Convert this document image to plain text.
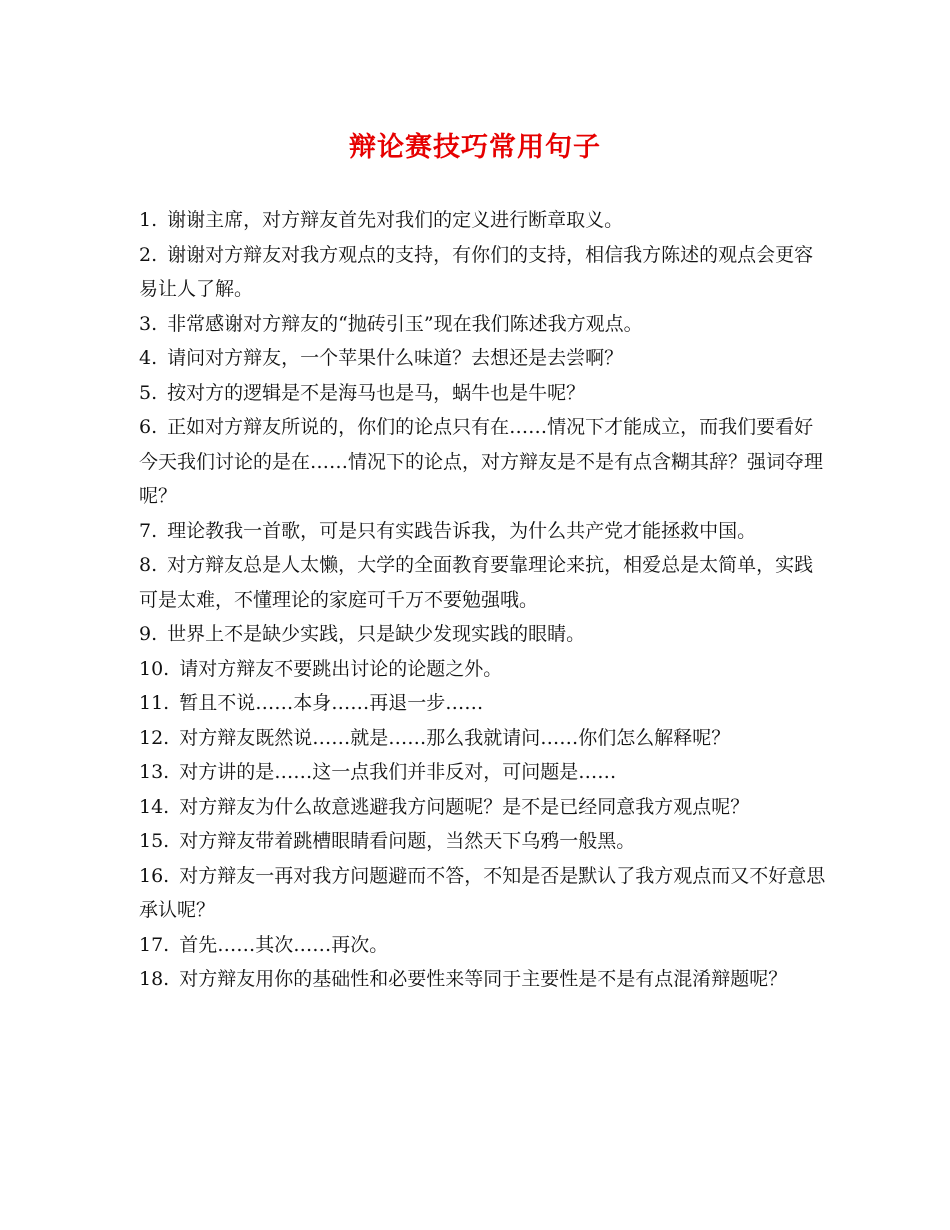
辩论赛技巧常用句子

1. 谢谢主席，对方辩友首先对我们的定义进行断章取义。

2. 谢谢对方辩友对我方观点的支持，有你们的支持，相信我方陈述的观点会更容易让人了解。

3. 非常感谢对方辩友的“抛砖引玉”现在我们陈述我方观点。

4. 请问对方辩友，一个苹果什么味道？去想还是去尝啊？

5. 按对方的逻辑是不是海马也是马，蜗牛也是牛呢？

6. 正如对方辩友所说的，你们的论点只有在……情况下才能成立，而我们要看好今天我们讨论的是在……情况下的论点，对方辩友是不是有点含糊其辞？强词夺理呢？

7. 理论教我一首歌，可是只有实践告诉我，为什么共产党才能拯救中国。

8. 对方辩友总是人太懒，大学的全面教育要靠理论来抗，相爱总是太简单，实践可是太难，不懂理论的家庭可千万不要勉强哦。

9. 世界上不是缺少实践，只是缺少发现实践的眼睛。

10. 请对方辩友不要跳出讨论的论题之外。

11. 暂且不说……本身……再退一步……

12. 对方辩友既然说……就是……那么我就请问……你们怎么解释呢？

13. 对方讲的是……这一点我们并非反对，可问题是……

14. 对方辩友为什么故意逃避我方问题呢？是不是已经同意我方观点呢？

15. 对方辩友带着跳槽眼睛看问题，当然天下乌鸦一般黑。

16. 对方辩友一再对我方问题避而不答，不知是否是默认了我方观点而又不好意思承认呢？

17. 首先……其次……再次。

18. 对方辩友用你的基础性和必要性来等同于主要性是不是有点混淆辩题呢？
